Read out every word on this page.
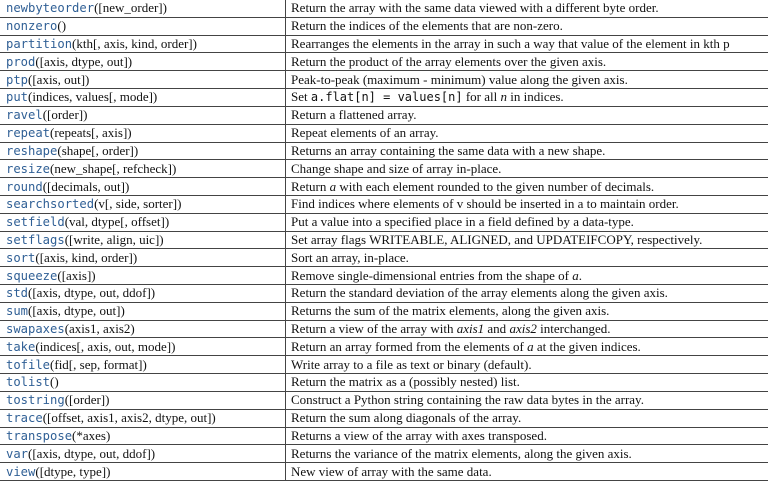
newbyteorder([new_order])	Return the array with the same data viewed with a different byte order.
nonzero()	Return the indices of the elements that are non-zero.
partition(kth[, axis, kind, order])	Rearranges the elements in the array in such a way that value of the element in kth p
prod([axis, dtype, out])	Return the product of the array elements over the given axis.
ptp([axis, out])	Peak-to-peak (maximum - minimum) value along the given axis.
put(indices, values[, mode])	Set a.flat[n] = values[n] for all n in indices.
ravel([order])	Return a flattened array.
repeat(repeats[, axis])	Repeat elements of an array.
reshape(shape[, order])	Returns an array containing the same data with a new shape.
resize(new_shape[, refcheck])	Change shape and size of array in-place.
round([decimals, out])	Return a with each element rounded to the given number of decimals.
searchsorted(v[, side, sorter])	Find indices where elements of v should be inserted in a to maintain order.
setfield(val, dtype[, offset])	Put a value into a specified place in a field defined by a data-type.
setflags([write, align, uic])	Set array flags WRITEABLE, ALIGNED, and UPDATEIFCOPY, respectively.
sort([axis, kind, order])	Sort an array, in-place.
squeeze([axis])	Remove single-dimensional entries from the shape of a.
std([axis, dtype, out, ddof])	Return the standard deviation of the array elements along the given axis.
sum([axis, dtype, out])	Returns the sum of the matrix elements, along the given axis.
swapaxes(axis1, axis2)	Return a view of the array with axis1 and axis2 interchanged.
take(indices[, axis, out, mode])	Return an array formed from the elements of a at the given indices.
tofile(fid[, sep, format])	Write array to a file as text or binary (default).
tolist()	Return the matrix as a (possibly nested) list.
tostring([order])	Construct a Python string containing the raw data bytes in the array.
trace([offset, axis1, axis2, dtype, out])	Return the sum along diagonals of the array.
transpose(*axes)	Returns a view of the array with axes transposed.
var([axis, dtype, out, ddof])	Returns the variance of the matrix elements, along the given axis.
view([dtype, type])	New view of array with the same data.
